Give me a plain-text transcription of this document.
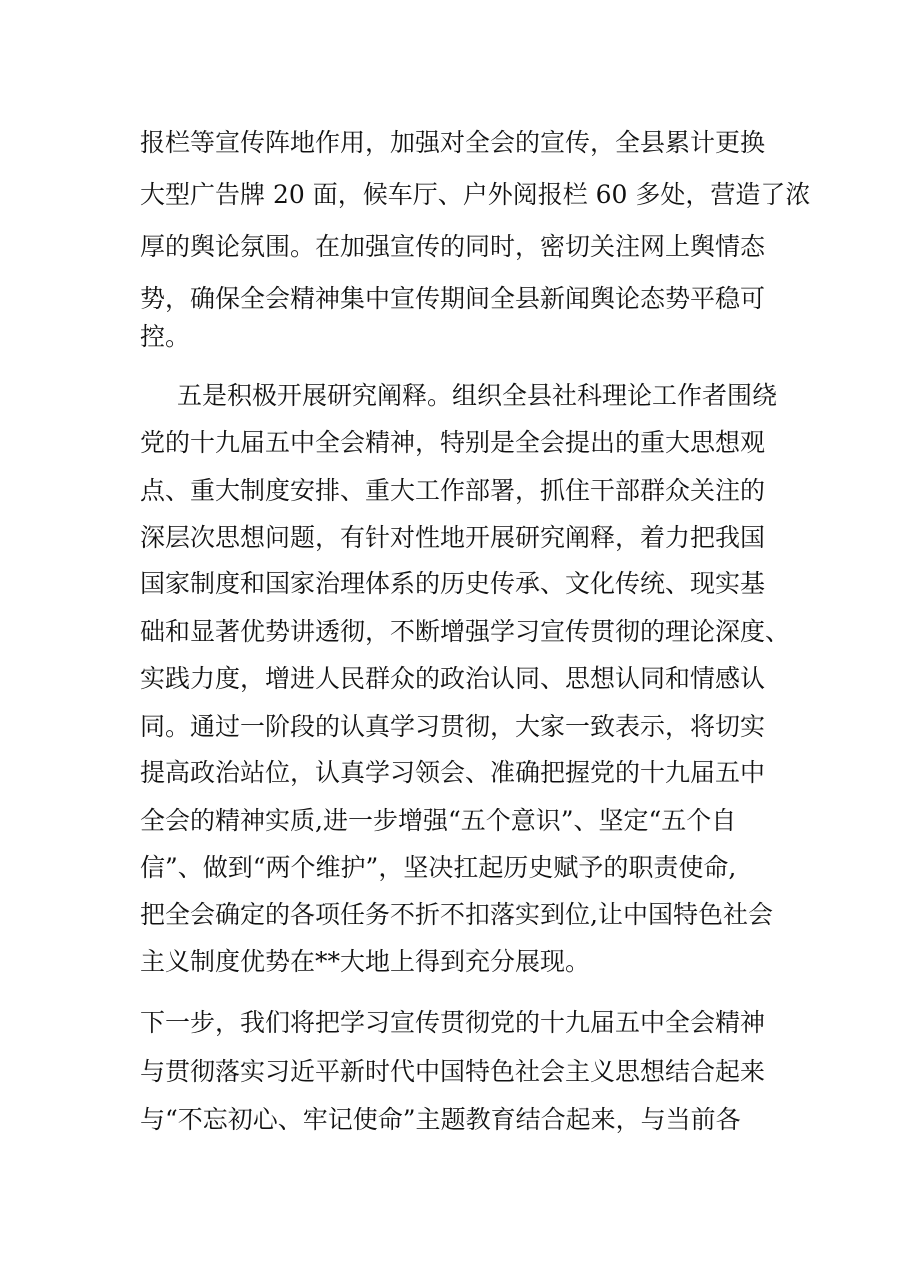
报栏等宣传阵地作用，加强对全会的宣传，全县累计更换
大型广告牌 20 面，候车厅、户外阅报栏 60 多处，营造了浓
厚的舆论氛围。在加强宣传的同时，密切关注网上舆情态
势，确保全会精神集中宣传期间全县新闻舆论态势平稳可
控。
五是积极开展研究阐释。组织全县社科理论工作者围绕
党的十九届五中全会精神，特别是全会提出的重大思想观
点、重大制度安排、重大工作部署，抓住干部群众关注的
深层次思想问题，有针对性地开展研究阐释，着力把我国
国家制度和国家治理体系的历史传承、文化传统、现实基
础和显著优势讲透彻，不断增强学习宣传贯彻的理论深度、
实践力度，增进人民群众的政治认同、思想认同和情感认
同。通过一阶段的认真学习贯彻，大家一致表示，将切实
提高政治站位，认真学习领会、准确把握党的十九届五中
全会的精神实质,进一步增强“五个意识”、坚定“五个自
信”、做到“两个维护”，坚决扛起历史赋予的职责使命,
把全会确定的各项任务不折不扣落实到位,让中国特色社会
主义制度优势在**大地上得到充分展现。
下一步，我们将把学习宣传贯彻党的十九届五中全会精神
与贯彻落实习近平新时代中国特色社会主义思想结合起来
与“不忘初心、牢记使命”主题教育结合起来，与当前各
